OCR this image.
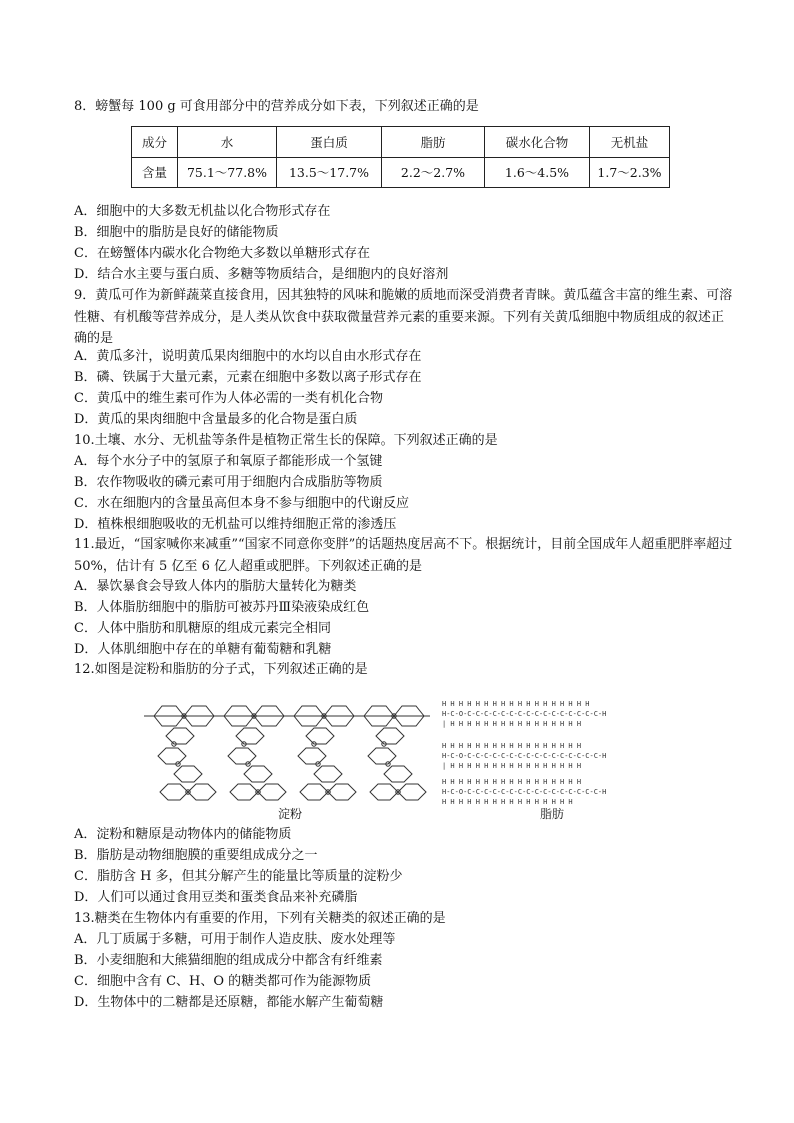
8．螃蟹每 100 g 可食用部分中的营养成分如下表，下列叙述正确的是
成分	水	蛋白质	脂肪	碳水化合物	无机盐
含量	75.1～77.8%	13.5～17.7%	2.2～2.7%	1.6～4.5%	1.7～2.3%
A．细胞中的大多数无机盐以化合物形式存在
B．细胞中的脂肪是良好的储能物质
C．在螃蟹体内碳水化合物绝大多数以单糖形式存在
D．结合水主要与蛋白质、多糖等物质结合，是细胞内的良好溶剂
9．黄瓜可作为新鲜蔬菜直接食用，因其独特的风味和脆嫩的质地而深受消费者青睐。黄瓜蕴含丰富的维生素、可溶性糖、有机酸等营养成分，是人类从饮食中获取微量营养元素的重要来源。下列有关黄瓜细胞中物质组成的叙述正确的是
A．黄瓜多汁，说明黄瓜果肉细胞中的水均以自由水形式存在
B．磷、铁属于大量元素，元素在细胞中多数以离子形式存在
C．黄瓜中的维生素可作为人体必需的一类有机化合物
D．黄瓜的果肉细胞中含量最多的化合物是蛋白质
10.土壤、水分、无机盐等条件是植物正常生长的保障。下列叙述正确的是
A．每个水分子中的氢原子和氧原子都能形成一个氢键
B．农作物吸收的磷元素可用于细胞内合成脂肪等物质
C．水在细胞内的含量虽高但本身不参与细胞中的代谢反应
D．植株根细胞吸收的无机盐可以维持细胞正常的渗透压
11.最近，“国家喊你来减重”“国家不同意你变胖”的话题热度居高不下。根据统计，目前全国成年人超重肥胖率超过 50%，估计有 5 亿至 6 亿人超重或肥胖。下列叙述正确的是
A．暴饮暴食会导致人体内的脂肪大量转化为糖类
B．人体脂肪细胞中的脂肪可被苏丹Ⅲ染液染成红色
C．人体中脂肪和肌糖原的组成元素完全相同
D．人体肌细胞中存在的单糖有葡萄糖和乳糖
12.如图是淀粉和脂肪的分子式，下列叙述正确的是
H H H H H H H H H H H H H H H H H H
H-C-O-C-C-C-C-C-C-C-C-C-C-C-C-C-C-C-C-H
| H H H H H H H H H H H H H H H H
H H H H H H H H H H H H H H H H H
H-C-O-C-C-C-C-C-C-C-C-C-C-C-C-C-C-C-C-H
| H H H H H H H H H H H H H H H H
H H H H H H H H H H H H H H H H H
H-C-O-C-C-C-C-C-C-C-C-C-C-C-C-C-C-C-C-H
H H H H H H H H H H H H H H H H
淀粉	脂肪
A．淀粉和糖原是动物体内的储能物质
B．脂肪是动物细胞膜的重要组成成分之一
C．脂肪含 H 多，但其分解产生的能量比等质量的淀粉少
D．人们可以通过食用豆类和蛋类食品来补充磷脂
13.糖类在生物体内有重要的作用，下列有关糖类的叙述正确的是
A．几丁质属于多糖，可用于制作人造皮肤、废水处理等
B．小麦细胞和大熊猫细胞的组成成分中都含有纤维素
C．细胞中含有 C、H、O 的糖类都可作为能源物质
D．生物体中的二糖都是还原糖，都能水解产生葡萄糖
